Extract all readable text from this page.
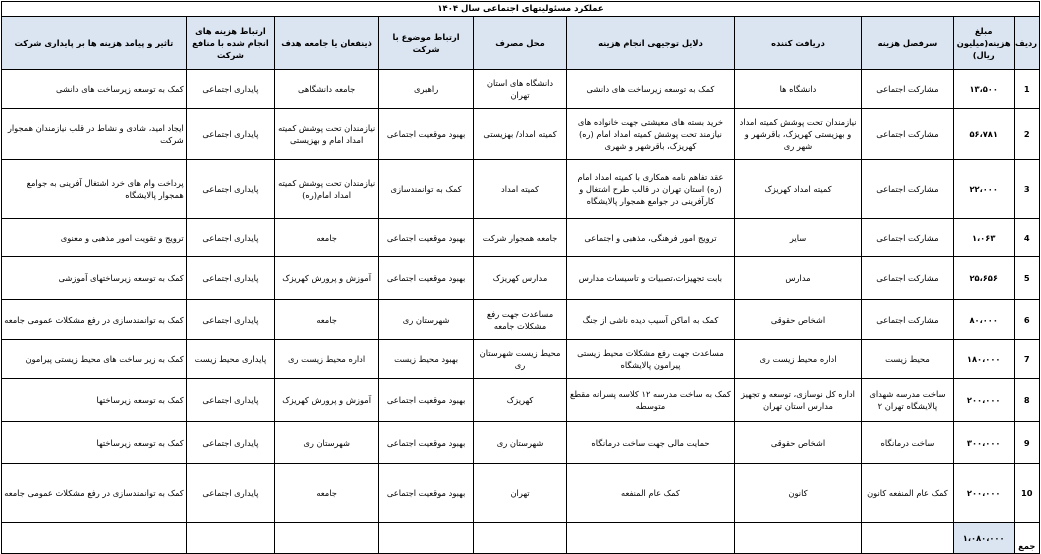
عملکرد مسئولیتهای اجتماعی سال ۱۴۰۴									
ردیف	مبلغ هزینه(میلیون ریال)	سرفصل هزینه	دریافت کننده	دلایل توجیهی انجام هزینه	محل مصرف	ارتباط موضوع با شرکت	ذینفعان یا جامعه هدف	ارتباط هزینه های انجام شده با منافع شرکت	تاثیر و پیامد هزینه ها بر پایداری شرکت
1	۱۳،۵۰۰	مشارکت اجتماعی	دانشگاه ها	کمک به توسعه زیرساخت های دانشی	دانشگاه های استان تهران	راهبری	جامعه دانشگاهی	پایداری اجتماعی	کمک به توسعه زیرساخت های دانشی
2	۵۶،۷۸۱	مشارکت اجتماعی	نیازمندان تحت پوشش کمیته امداد و بهزیستی کهریزک، باقرشهر و شهر ری	خرید بسته های معیشتی جهت خانواده های نیازمند تحت پوشش کمیته امداد امام (ره) کهریزک، باقرشهر و شهری	کمیته امداد/ بهزیستی	بهبود موقعیت اجتماعی	نیازمندان تحت پوشش کمیته امداد امام و بهزیستی	پایداری اجتماعی	ایجاد امید، شادی و نشاط در قلب نیازمندان همجوار شرکت
3	۲۲،۰۰۰	مشارکت اجتماعی	کمیته امداد کهریزک	عقد تفاهم نامه همکاری با کمیته امداد امام (ره) استان تهران در قالب طرح اشتغال و کارآفرینی در جوامع همجوار پالایشگاه	کمیته امداد	کمک به توانمندسازی	نیازمندان تحت پوشش کمیته امداد امام(ره)	پایداری اجتماعی	پرداخت وام های خرد اشتغال آفرینی به جوامع همجوار پالایشگاه
4	۱،۰۶۳	مشارکت اجتماعی	سایر	ترویج امور فرهنگی، مذهبی و اجتماعی	جامعه همجوار شرکت	بهبود موقعیت اجتماعی	جامعه	پایداری اجتماعی	ترویج و تقویت امور مذهبی و معنوی
5	۲۵،۶۵۶	مشارکت اجتماعی	مدارس	بابت تجهیزات،تصبیات و تاسیسات مدارس	مدارس کهریزک	بهبود موقعیت اجتماعی	آموزش و پرورش کهریزک	پایداری اجتماعی	کمک به توسعه زیرساختهای آموزشی
6	۸۰،۰۰۰	مشارکت اجتماعی	اشخاص حقوقی	کمک به اماکن آسیب دیده ناشی از جنگ	مساعدت جهت رفع مشکلات جامعه	شهرستان ری	جامعه	پایداری اجتماعی	کمک به توانمندسازی در رفع مشکلات عمومی جامعه
7	۱۸۰،۰۰۰	محیط زیست	اداره محیط زیست ری	مساعدت جهت رفع مشکلات محیط زیستی پیرامون پالایشگاه	محیط زیست شهرستان ری	بهبود محیط زیست	اداره محیط زیست ری	پایداری محیط زیست	کمک به زیر ساخت های محیط زیستی پیرامون
8	۲۰۰،۰۰۰	ساخت مدرسه شهدای پالایشگاه تهران ۲	اداره کل نوسازی، توسعه و تجهیز مدارس استان تهران	کمک به ساخت مدرسه ۱۲ کلاسه پسرانه مقطع متوسطه	کهریزک	بهبود موقعیت اجتماعی	آموزش و پرورش کهریزک	پایداری اجتماعی	کمک به توسعه زیرساختها
9	۳۰۰،۰۰۰	ساخت درمانگاه	اشخاص حقوقی	حمایت مالی جهت ساخت درمانگاه	شهرستان ری	بهبود موقعیت اجتماعی	شهرستان ری	پایداری اجتماعی	کمک به توسعه زیرساختها
10	۲۰۰،۰۰۰	کمک عام المنفعه کانون	کانون	کمک عام المنفعه	تهران	بهبود موقعیت اجتماعی	جامعه	پایداری اجتماعی	کمک به توانمندسازی در رفع مشکلات عمومی جامعه
جمع	۱،۰۸۰،۰۰۰								
